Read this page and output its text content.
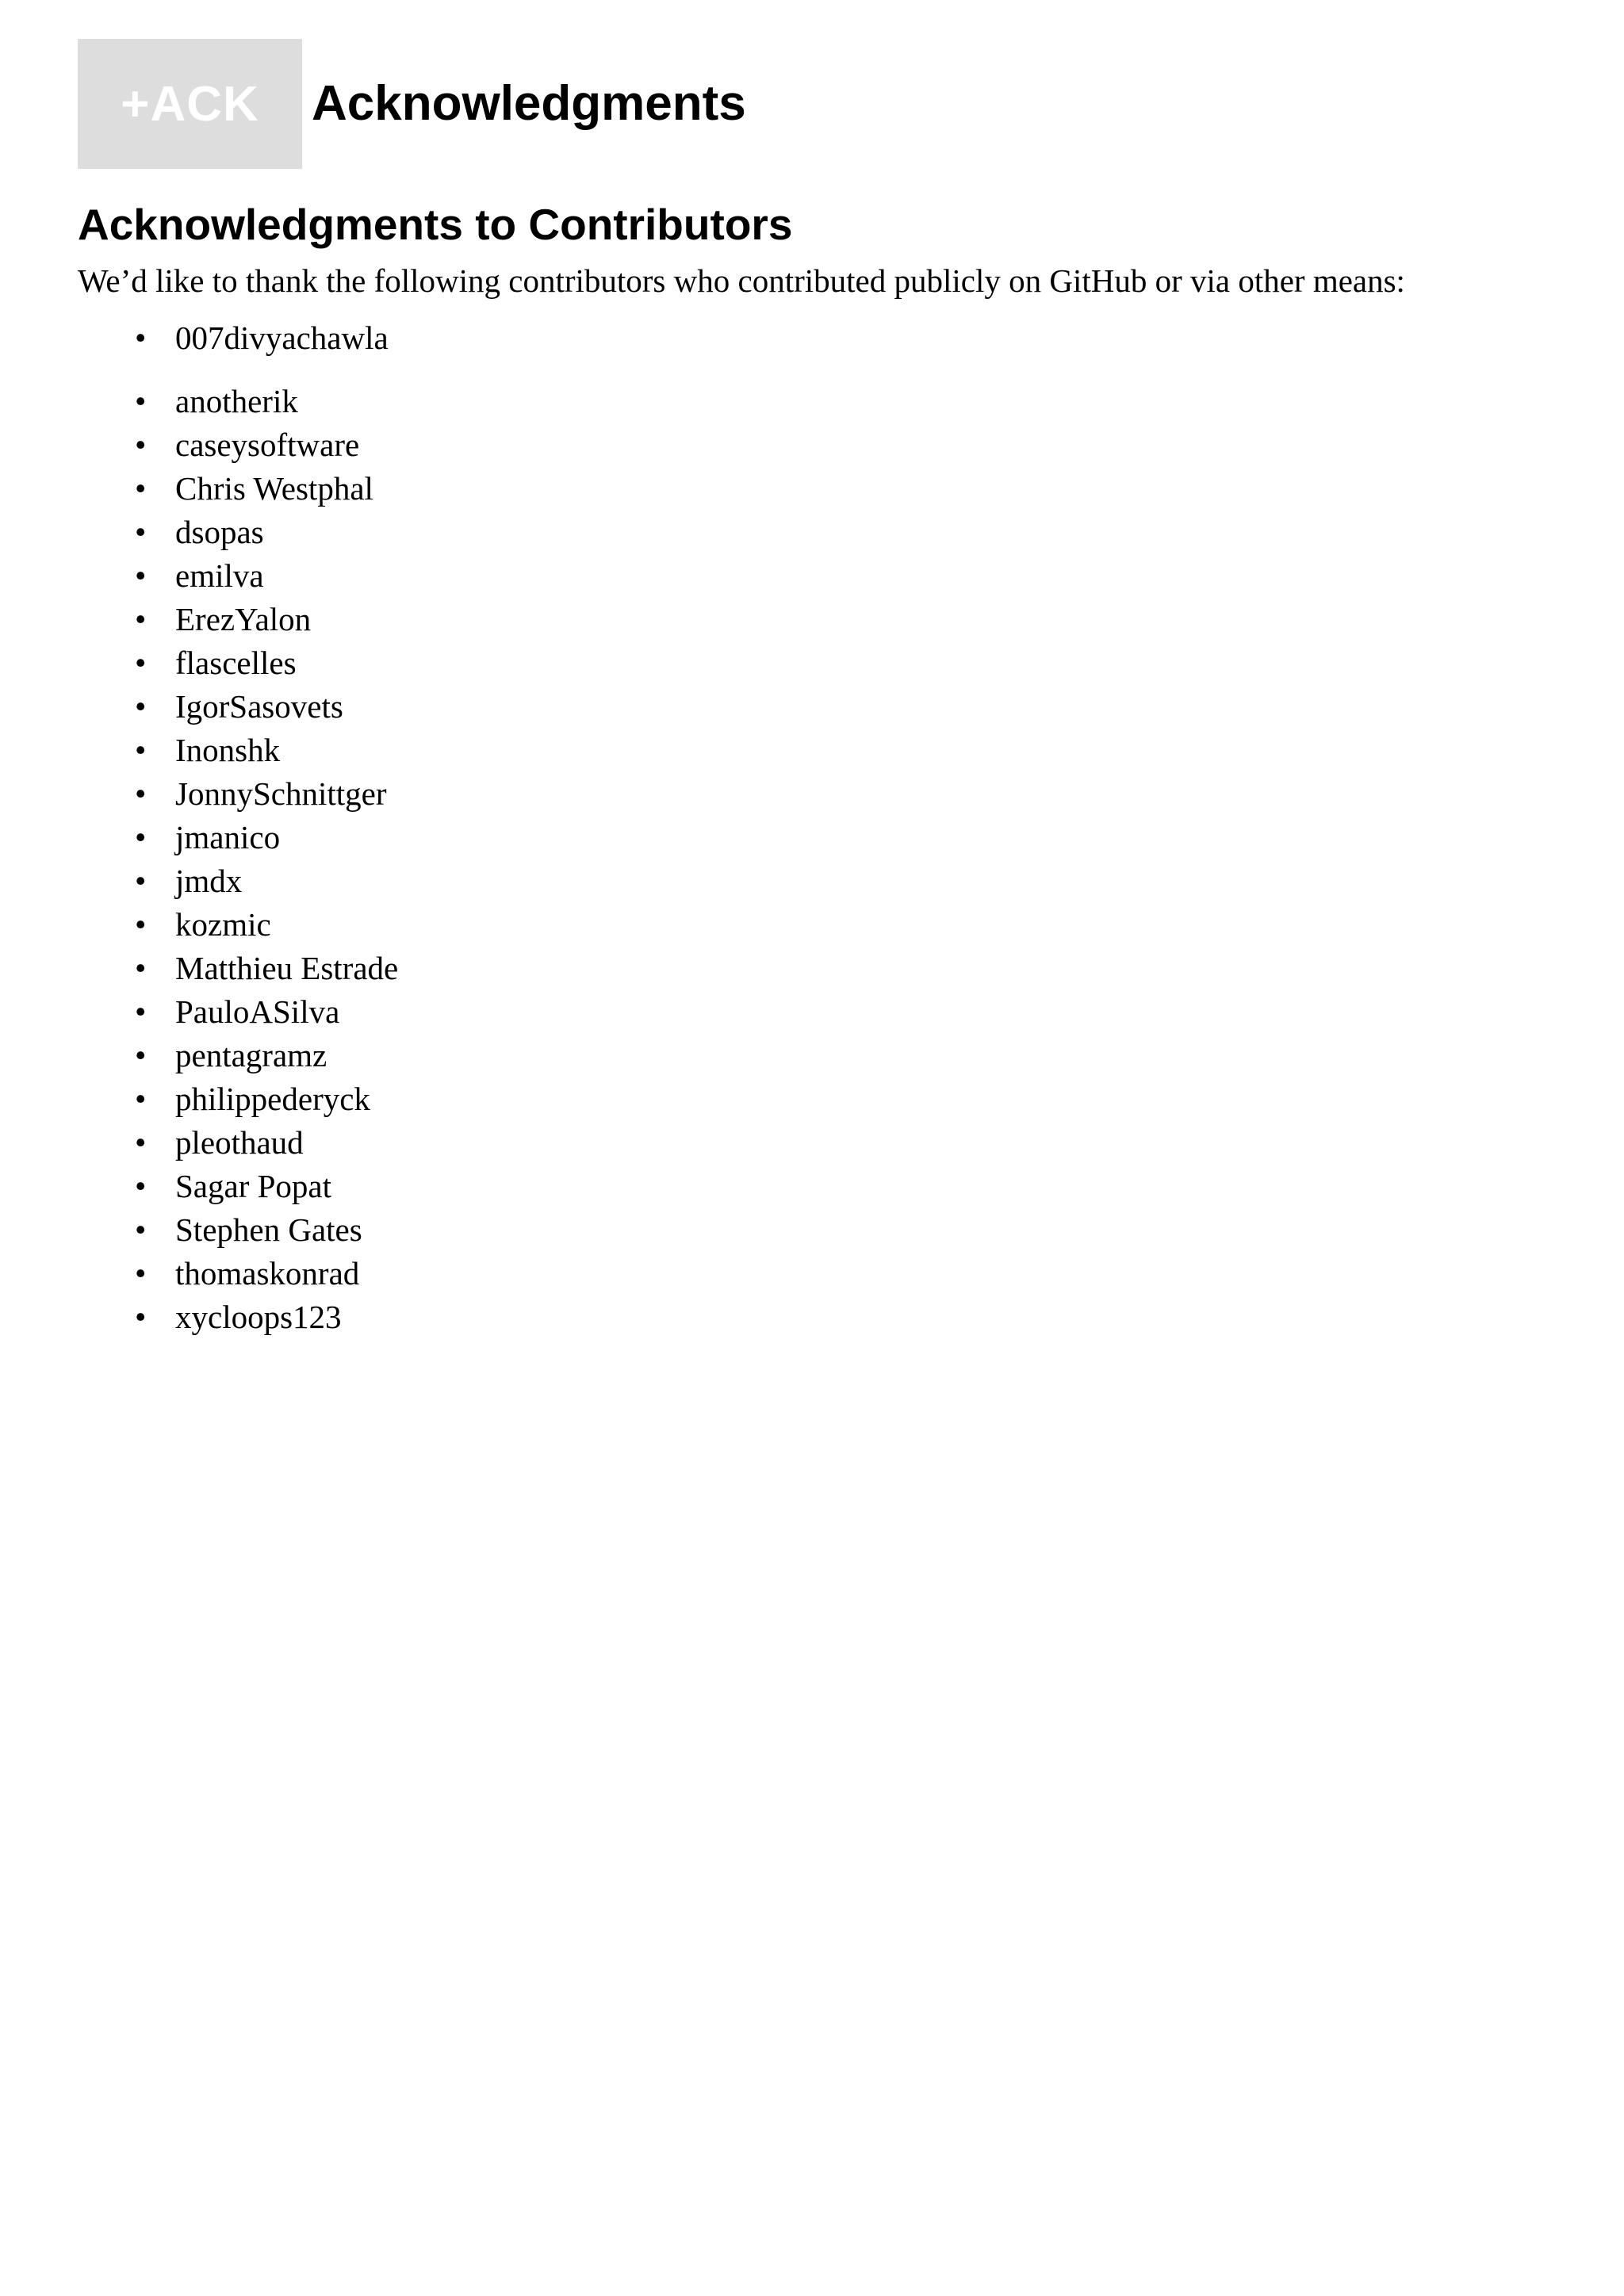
+ACK Acknowledgments
Acknowledgments to Contributors

We’d like to thank the following contributors who contributed publicly on GitHub or via other means:

• 007divyachawla
• anotherik
• caseysoftware
• Chris Westphal
• dsopas
• emilva
• ErezYalon
• flascelles
• IgorSasovets
• Inonshk
• JonnySchnittger
• jmanico
• jmdx
• kozmic
• Matthieu Estrade
• PauloASilva
• pentagramz
• philippederyck
• pleothaud
• Sagar Popat
• Stephen Gates
• thomaskonrad
• xycloops123
